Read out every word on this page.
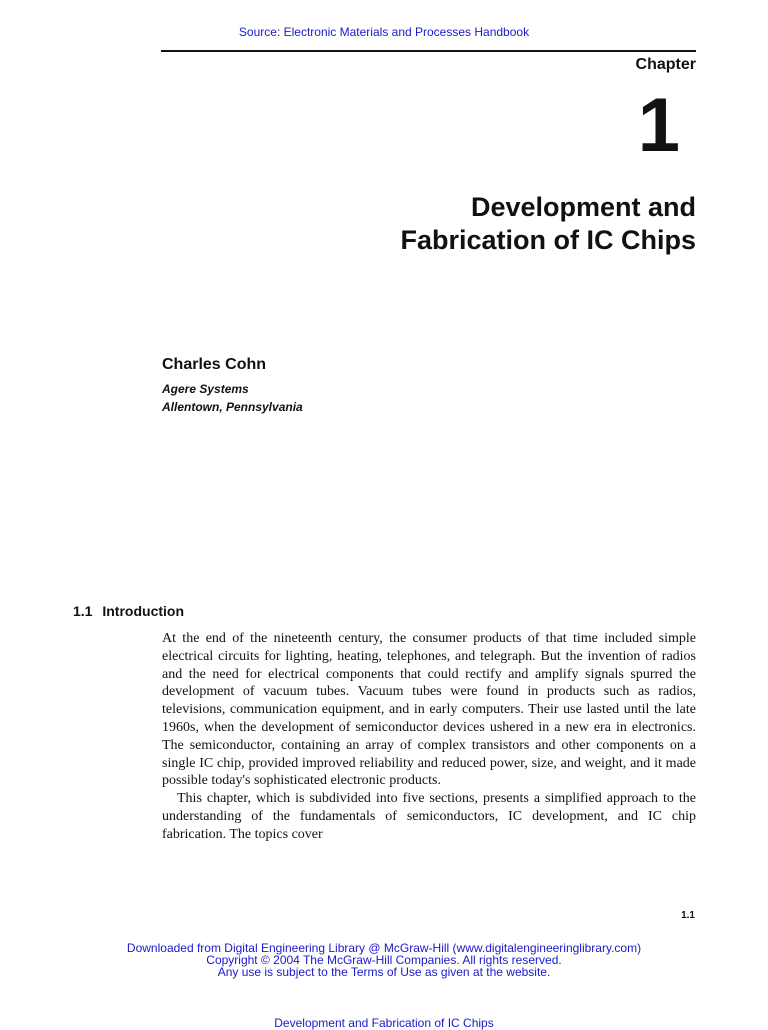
Source: Electronic Materials and Processes Handbook
Chapter
1
Development and
Fabrication of IC Chips
Charles Cohn
Agere Systems
Allentown, Pennsylvania
1.1 Introduction

At the end of the nineteenth century, the consumer products of that time included simple electrical circuits for lighting, heating, telephones, and telegraph. But the invention of radios and the need for electrical components that could rectify and amplify signals spurred the development of vacuum tubes. Vacuum tubes were found in products such as radios, televisions, communication equipment, and in early computers. Their use lasted until the late 1960s, when the development of semiconductor devices ushered in a new era in electronics. The semiconductor, containing an array of complex transistors and other components on a single IC chip, provided improved reliability and reduced power, size, and weight, and it made possible today's sophisticated electronic products.

This chapter, which is subdivided into five sections, presents a simplified approach to the understanding of the fundamentals of semiconductors, IC development, and IC chip fabrication. The topics cover

1.1
Downloaded from Digital Engineering Library @ McGraw-Hill (www.digitalengineeringlibrary.com)
Copyright © 2004 The McGraw-Hill Companies. All rights reserved.
Any use is subject to the Terms of Use as given at the website.
Development and Fabrication of IC Chips
